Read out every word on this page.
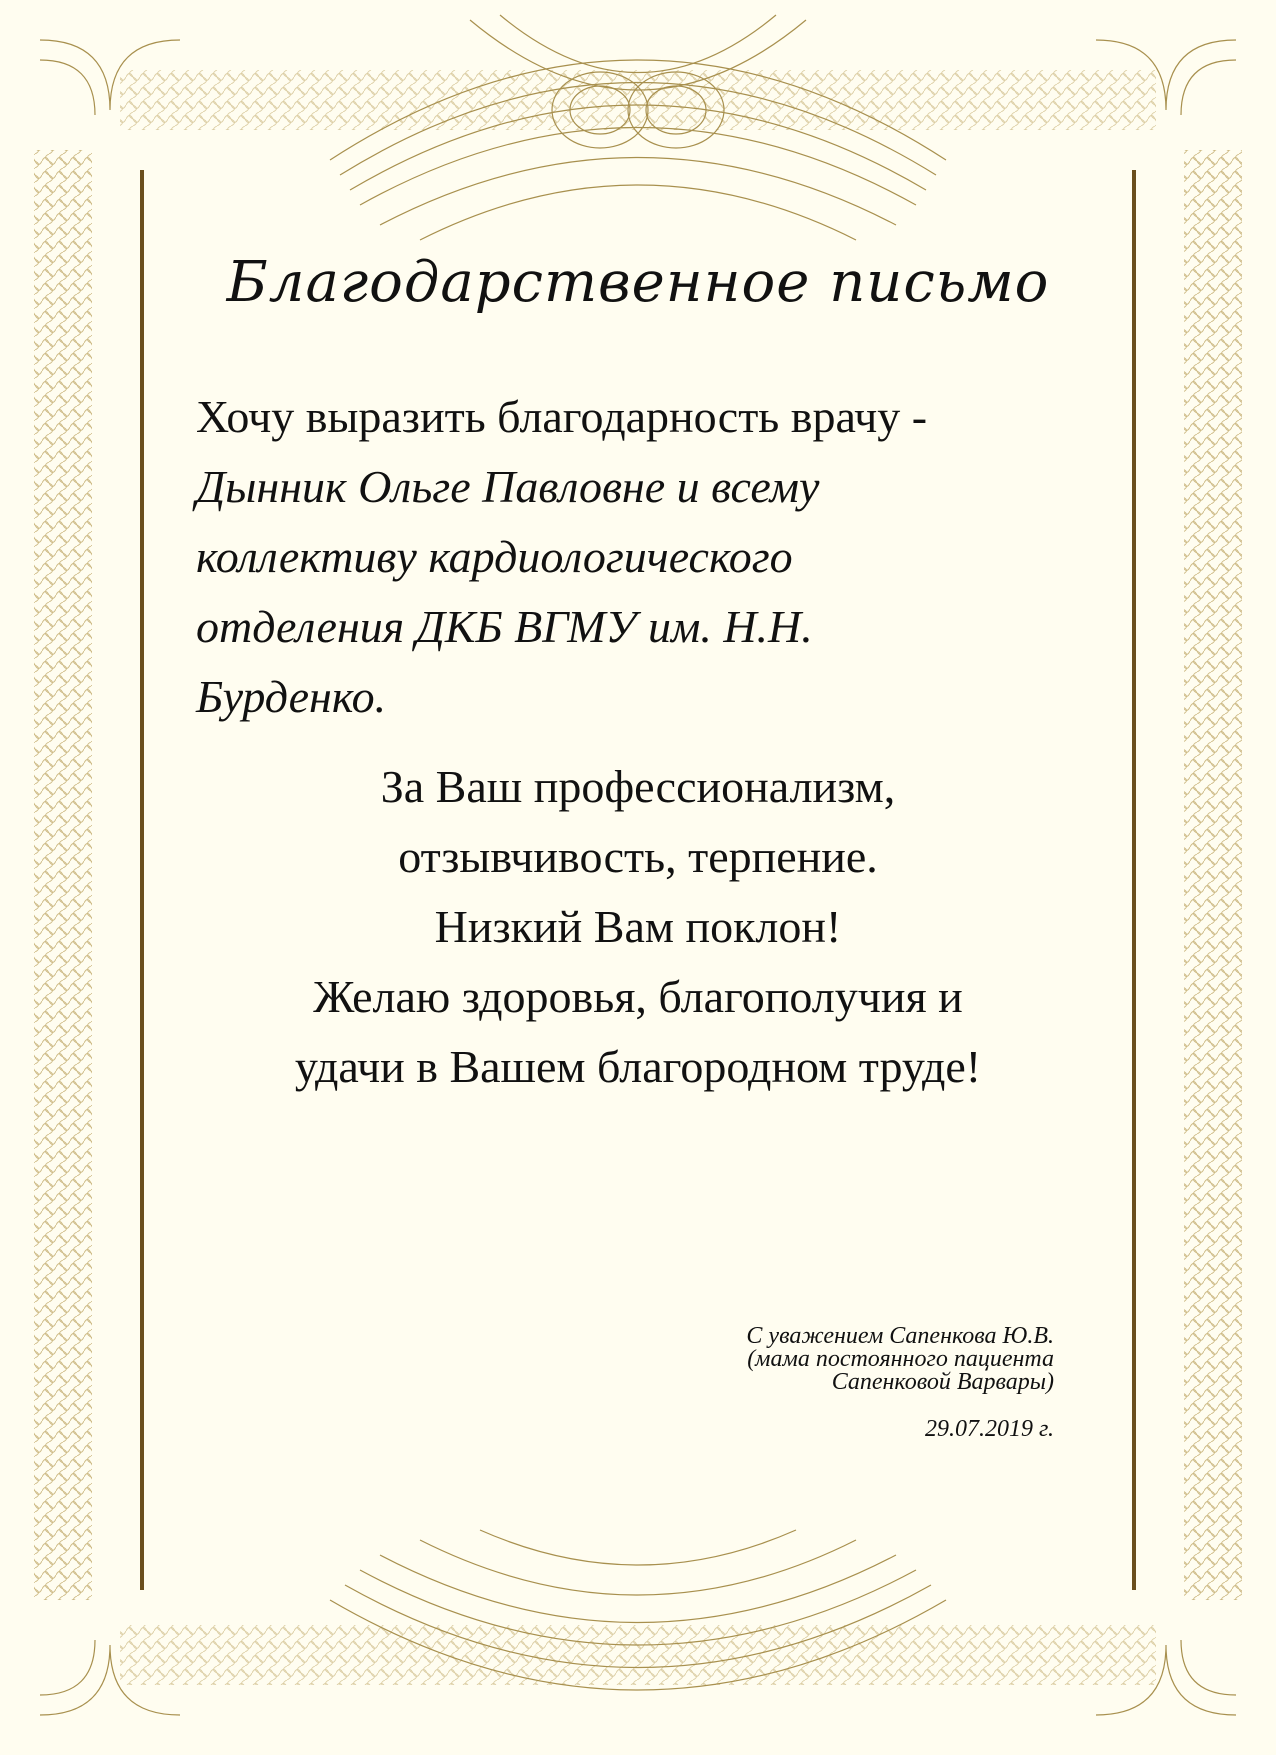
Благодарственное письмо
Хочу выразить благодарность врачу -
Дынник Ольге Павловне и всему
коллективу кардиологического
отделения ДКБ ВГМУ им. Н.Н.
Бурденко.
За Ваш профессионализм,
отзывчивость, терпение.
Низкий Вам поклон!
Желаю здоровья, благополучия и
удачи в Вашем благородном труде!
С уважением Сапенкова Ю.В.
(мама постоянного пациента
Сапенковой Варвары)
29.07.2019 г.
